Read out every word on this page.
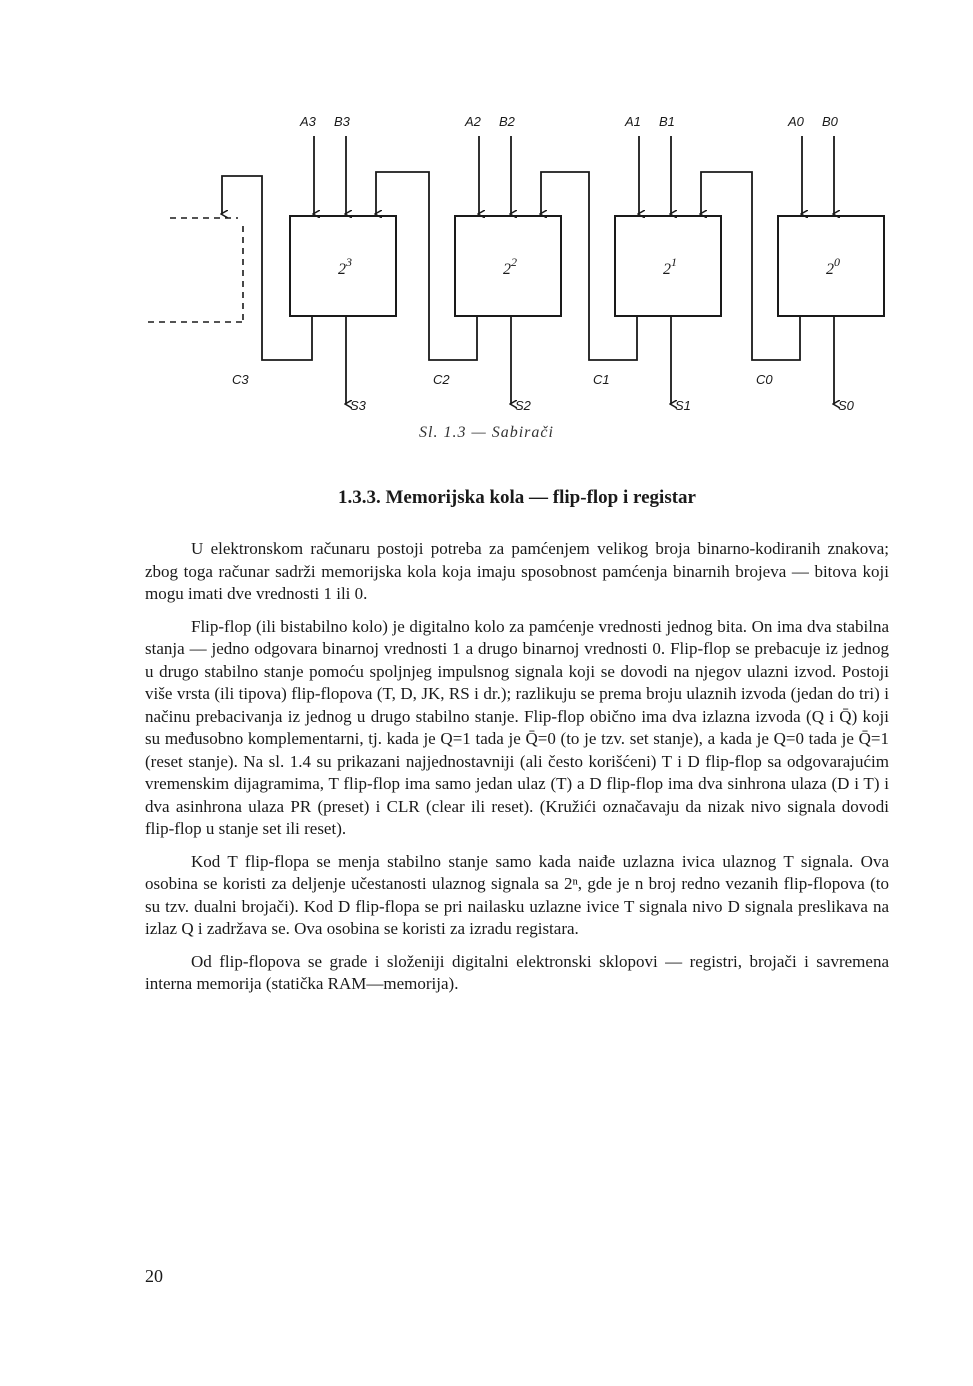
$2^3$
A3 B3
S3
C3
$2^2$
A2 B2
S2
C2
$2^1$
A1 B1
S1
C1
$2^0$
A0 B0
S0
C0
Sl. 1.3 — Sabirači
1.3.3. Memorijska kola — flip-flop i registar

U elektronskom računaru postoji potreba za pamćenjem velikog broja binarno-kodiranih znakova; zbog toga računar sadrži memorijska kola koja imaju sposobnost pamćenja binarnih brojeva — bitova koji mogu imati dve vrednosti 1 ili 0.

Flip-flop (ili bistabilno kolo) je digitalno kolo za pamćenje vrednosti jednog bita. On ima dva stabilna stanja — jedno odgovara binarnoj vrednosti 1 a drugo binarnoj vrednosti 0. Flip-flop se prebacuje iz jednog u drugo stabilno stanje pomoću spoljnjeg impulsnog signala koji se dovodi na njegov ulazni izvod. Postoji više vrsta (ili tipova) flip-flopova (T, D, JK, RS i dr.); razlikuju se prema broju ulaznih izvoda (jedan do tri) i načinu prebacivanja iz jednog u drugo stabilno stanje. Flip-flop obično ima dva izlazna izvoda (Q i Q̄) koji su međusobno komplementarni, tj. kada je Q=1 tada je Q̄=0 (to je tzv. set stanje), a kada je Q=0 tada je Q̄=1 (reset stanje). Na sl. 1.4 su prikazani najjednostavniji (ali često korišćeni) T i D flip-flop sa odgovarajućim vremenskim dijagramima, T flip-flop ima samo jedan ulaz (T) a D flip-flop ima dva sinhrona ulaza (D i T) i dva asinhrona ulaza PR (preset) i CLR (clear ili reset). (Kružići označavaju da nizak nivo signala dovodi flip-flop u stanje set ili reset).

Kod T flip-flopa se menja stabilno stanje samo kada naiđe uzlazna ivica ulaznog T signala. Ova osobina se koristi za deljenje učestanosti ulaznog signala sa 2ⁿ, gde je n broj redno vezanih flip-flopova (to su tzv. dualni brojači). Kod D flip-flopa se pri nailasku uzlazne ivice T signala nivo D signala preslikava na izlaz Q i zadržava se. Ova osobina se koristi za izradu registara.

Od flip-flopova se grade i složeniji digitalni elektronski sklopovi — registri, brojači i savremena interna memorija (statička RAM—memorija).

20
